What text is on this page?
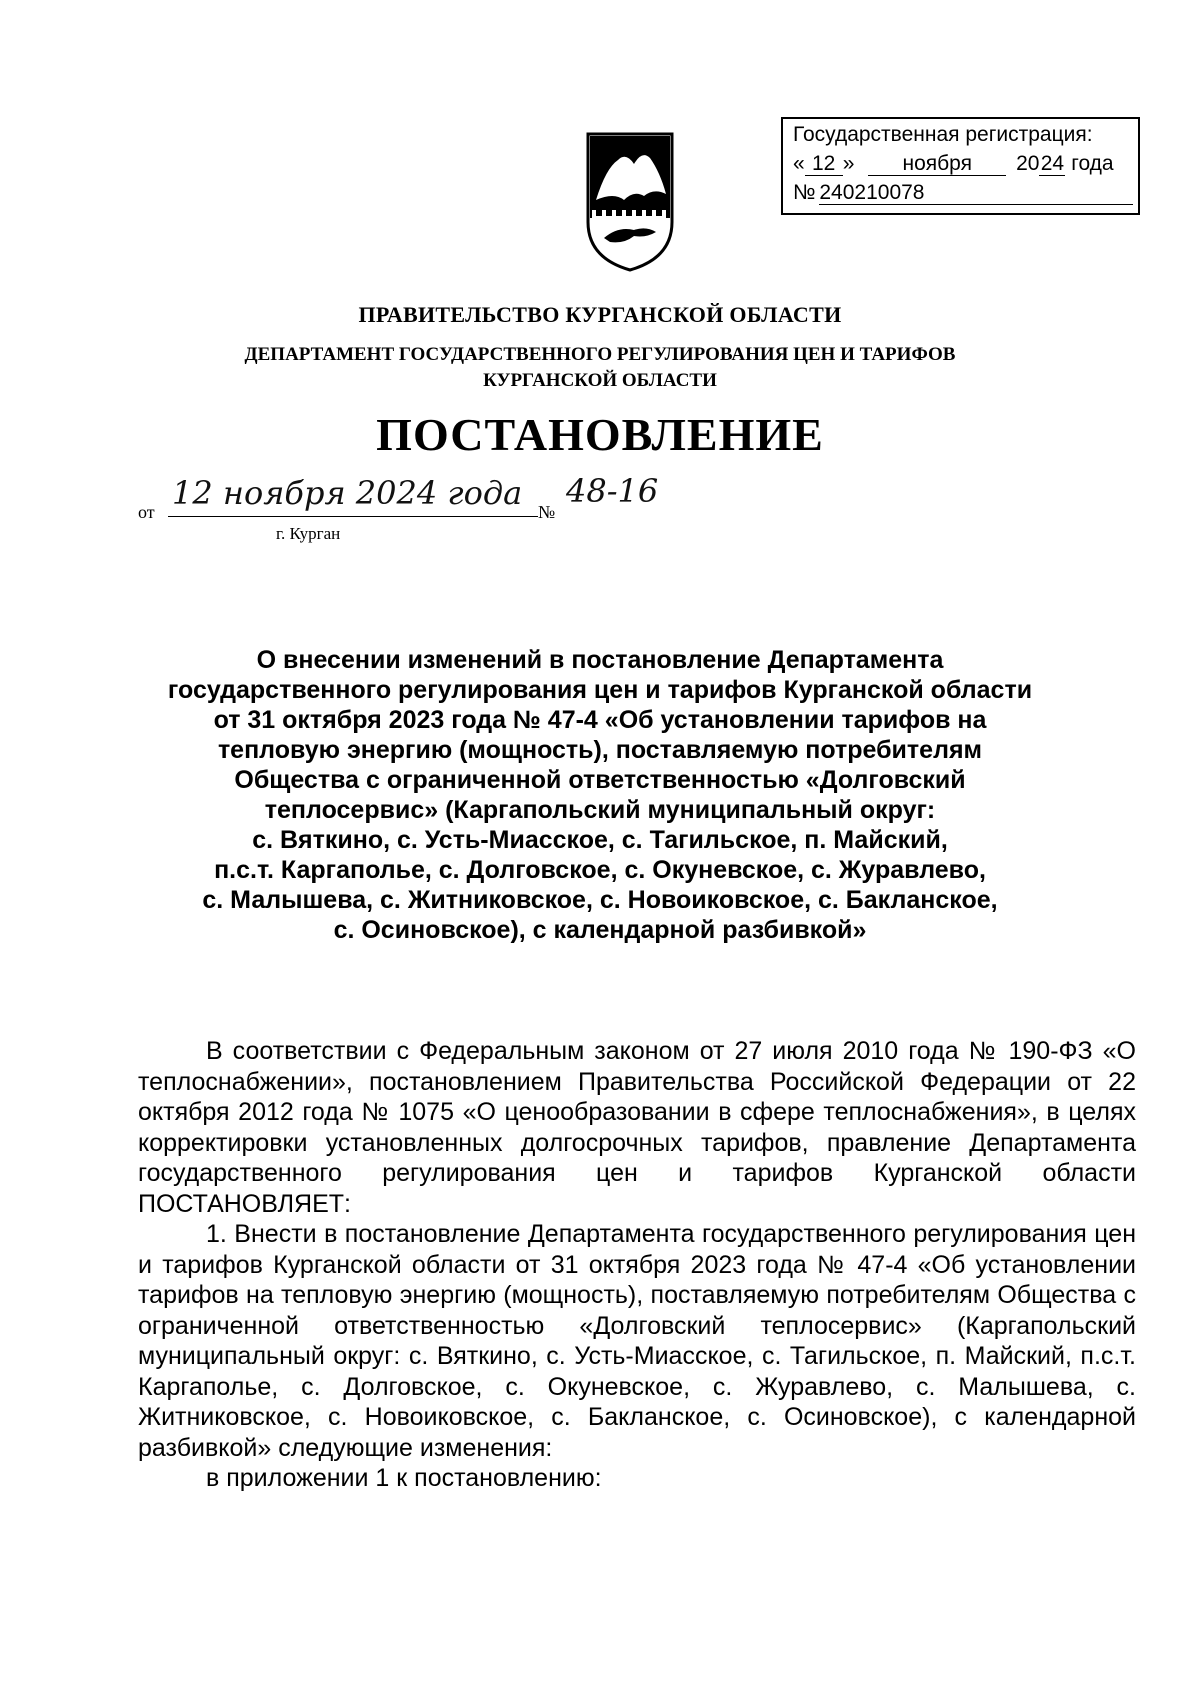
Государственная регистрация:
« 12 » ноября 2024 года
№ 240210078
ПРАВИТЕЛЬСТВО КУРГАНСКОЙ ОБЛАСТИ
ДЕПАРТАМЕНТ ГОСУДАРСТВЕННОГО РЕГУЛИРОВАНИЯ ЦЕН И ТАРИФОВ
КУРГАНСКОЙ ОБЛАСТИ
ПОСТАНОВЛЕНИЕ
от 12 ноября 2024 года №
48-16
г. Курган
О внесении изменений в постановление Департамента
государственного регулирования цен и тарифов Курганской области
от 31 октября 2023 года № 47-4 «Об установлении тарифов на
тепловую энергию (мощность), поставляемую потребителям
Общества с ограниченной ответственностью «Долговский
теплосервис» (Каргапольский муниципальный округ:
с. Вяткино, с. Усть-Миасское, с. Тагильское, п. Майский,
п.с.т. Каргаполье, с. Долговское, с. Окуневское, с. Журавлево,
с. Малышева, с. Житниковское, с. Новоиковское, с. Бакланское,
с. Осиновское), с календарной разбивкой»

В соответствии с Федеральным законом от 27 июля 2010 года № 190-ФЗ «О теплоснабжении», постановлением Правительства Российской Федерации от 22 октября 2012 года № 1075 «О ценообразовании в сфере теплоснабжения», в целях корректировки установленных долгосрочных тарифов, правление Департамента государственного регулирования цен и тарифов Курганской области ПОСТАНОВЛЯЕТ:

1. Внести в постановление Департамента государственного регулирования цен и тарифов Курганской области от 31 октября 2023 года № 47-4 «Об установлении тарифов на тепловую энергию (мощность), поставляемую потребителям Общества с ограниченной ответственностью «Долговский теплосервис» (Каргапольский муниципальный округ: с. Вяткино, с. Усть-Миасское, с. Тагильское, п. Майский, п.с.т. Каргаполье, с. Долговское, с. Окуневское, с. Журавлево, с. Малышева, с. Житниковское, с. Новоиковское, с. Бакланское, с. Осиновское), с календарной разбивкой» следующие изменения:

в приложении 1 к постановлению:
